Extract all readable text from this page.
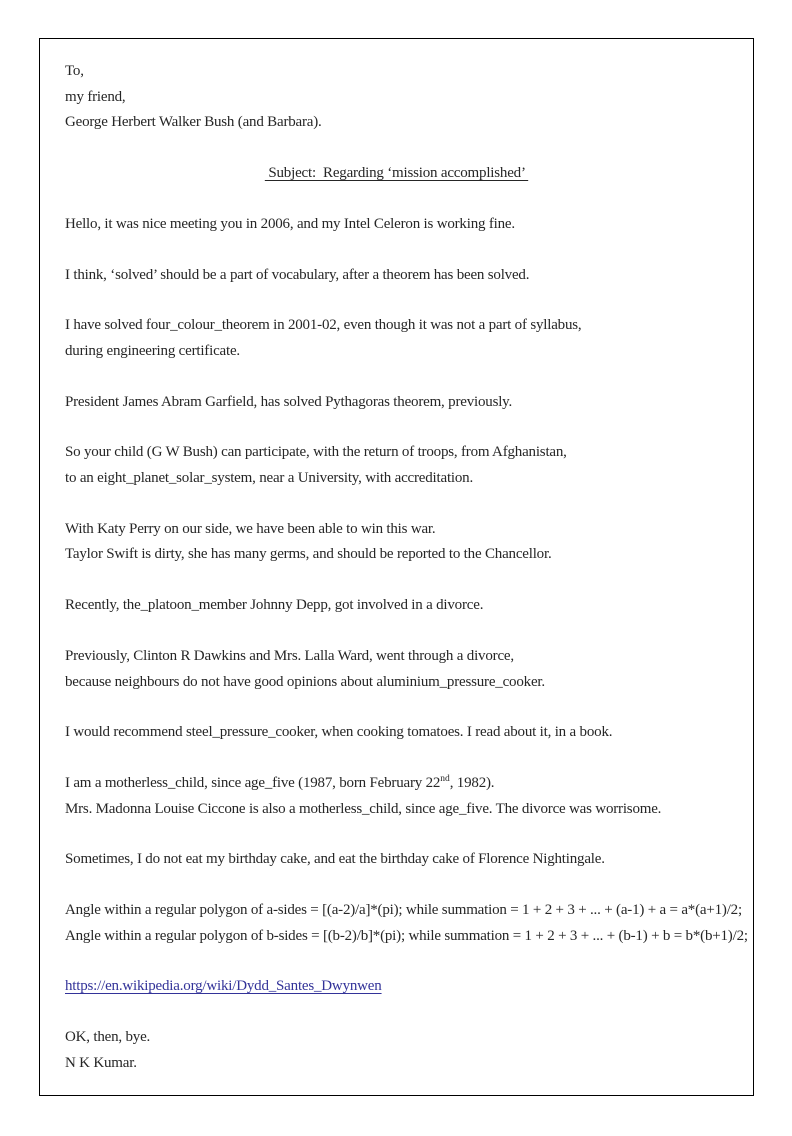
To,
my friend,
George Herbert Walker Bush (and Barbara).
Subject:  Regarding ‘mission accomplished’
Hello, it was nice meeting you in 2006, and my Intel Celeron is working fine.
I think, ‘solved’ should be a part of vocabulary, after a theorem has been solved.
I have solved four_colour_theorem in 2001-02, even though it was not a part of syllabus,
during engineering certificate.
President James Abram Garfield, has solved Pythagoras theorem, previously.
So your child (G W Bush) can participate, with the return of troops, from Afghanistan,
to an eight_planet_solar_system, near a University, with accreditation.
With Katy Perry on our side, we have been able to win this war.
Taylor Swift is dirty, she has many germs, and should be reported to the Chancellor.
Recently, the_platoon_member Johnny Depp, got involved in a divorce.
Previously, Clinton R Dawkins and Mrs. Lalla Ward, went through a divorce,
because neighbours do not have good opinions about aluminium_pressure_cooker.
I would recommend steel_pressure_cooker, when cooking tomatoes. I read about it, in a book.
I am a motherless_child, since age_five (1987, born February 22nd, 1982).
Mrs. Madonna Louise Ciccone is also a motherless_child, since age_five. The divorce was worrisome.
Sometimes, I do not eat my birthday cake, and eat the birthday cake of Florence Nightingale.
Angle within a regular polygon of a-sides = [(a-2)/a]*(pi); while summation = 1 + 2 + 3 + ... + (a-1) + a = a*(a+1)/2;
Angle within a regular polygon of b-sides = [(b-2)/b]*(pi); while summation = 1 + 2 + 3 + ... + (b-1) + b = b*(b+1)/2;
https://en.wikipedia.org/wiki/Dydd_Santes_Dwynwen
OK, then, bye.
N K Kumar.
